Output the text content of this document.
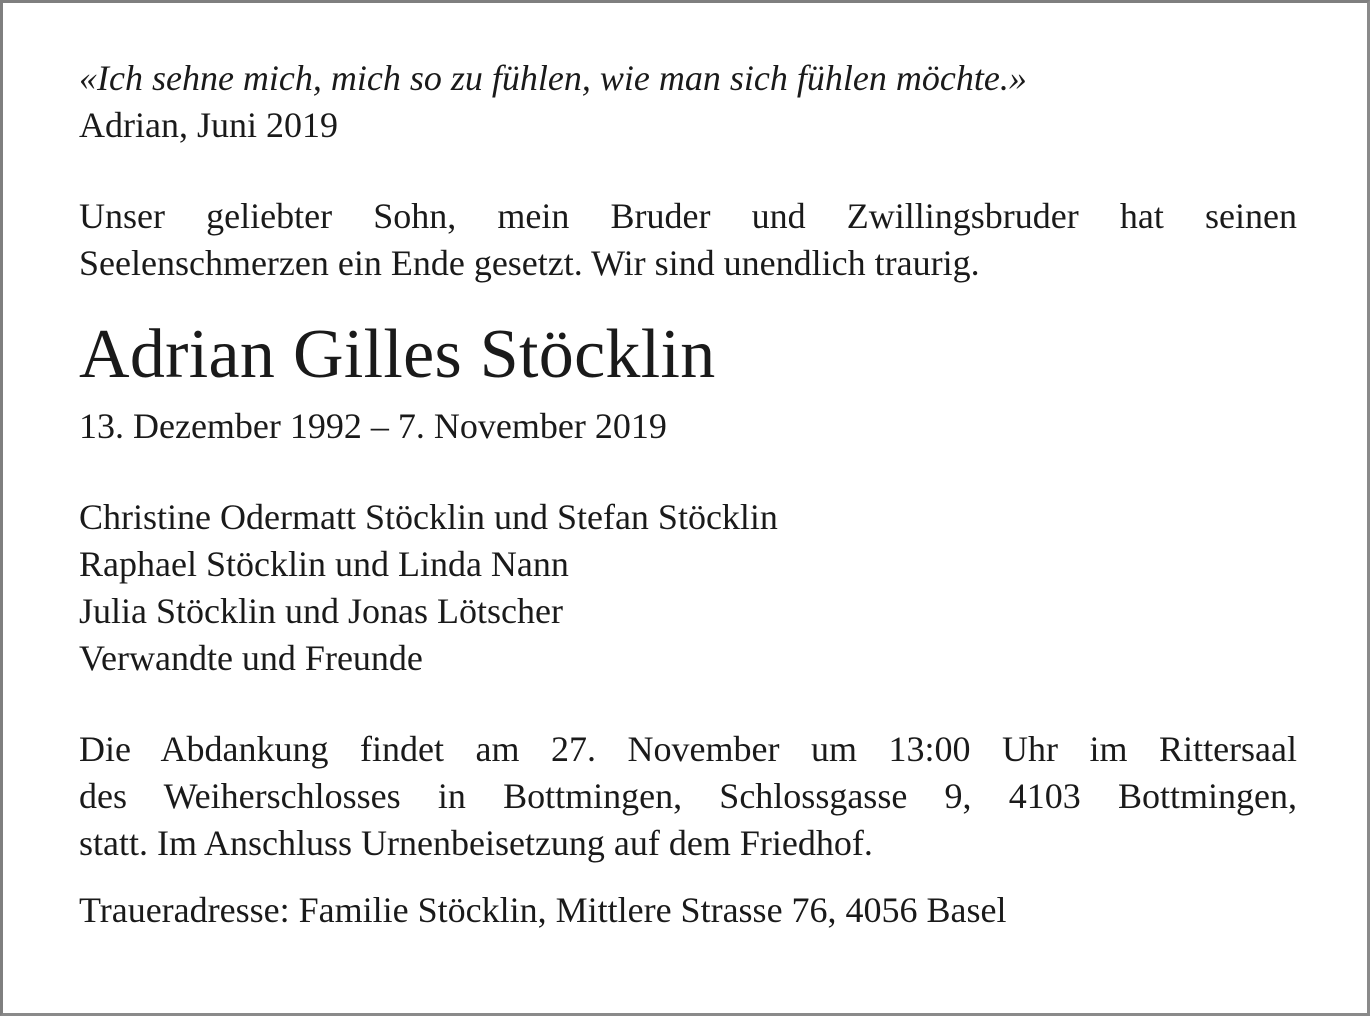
«Ich sehne mich, mich so zu fühlen, wie man sich fühlen möchte.»

Adrian, Juni 2019

Unser geliebter Sohn, mein Bruder und Zwillingsbruder hat seinen

Seelenschmerzen ein Ende gesetzt. Wir sind unendlich traurig.

Adrian Gilles Stöcklin

13. Dezember 1992 – 7. November 2019

Christine Odermatt Stöcklin und Stefan Stöcklin

Raphael Stöcklin und Linda Nann

Julia Stöcklin und Jonas Lötscher

Verwandte und Freunde

Die Abdankung findet am 27. November um 13:00 Uhr im Rittersaal

des Weiherschlosses in Bottmingen, Schlossgasse 9, 4103 Bottmingen,

statt. Im Anschluss Urnenbeisetzung auf dem Friedhof.

Traueradresse: Familie Stöcklin, Mittlere Strasse 76, 4056 Basel
